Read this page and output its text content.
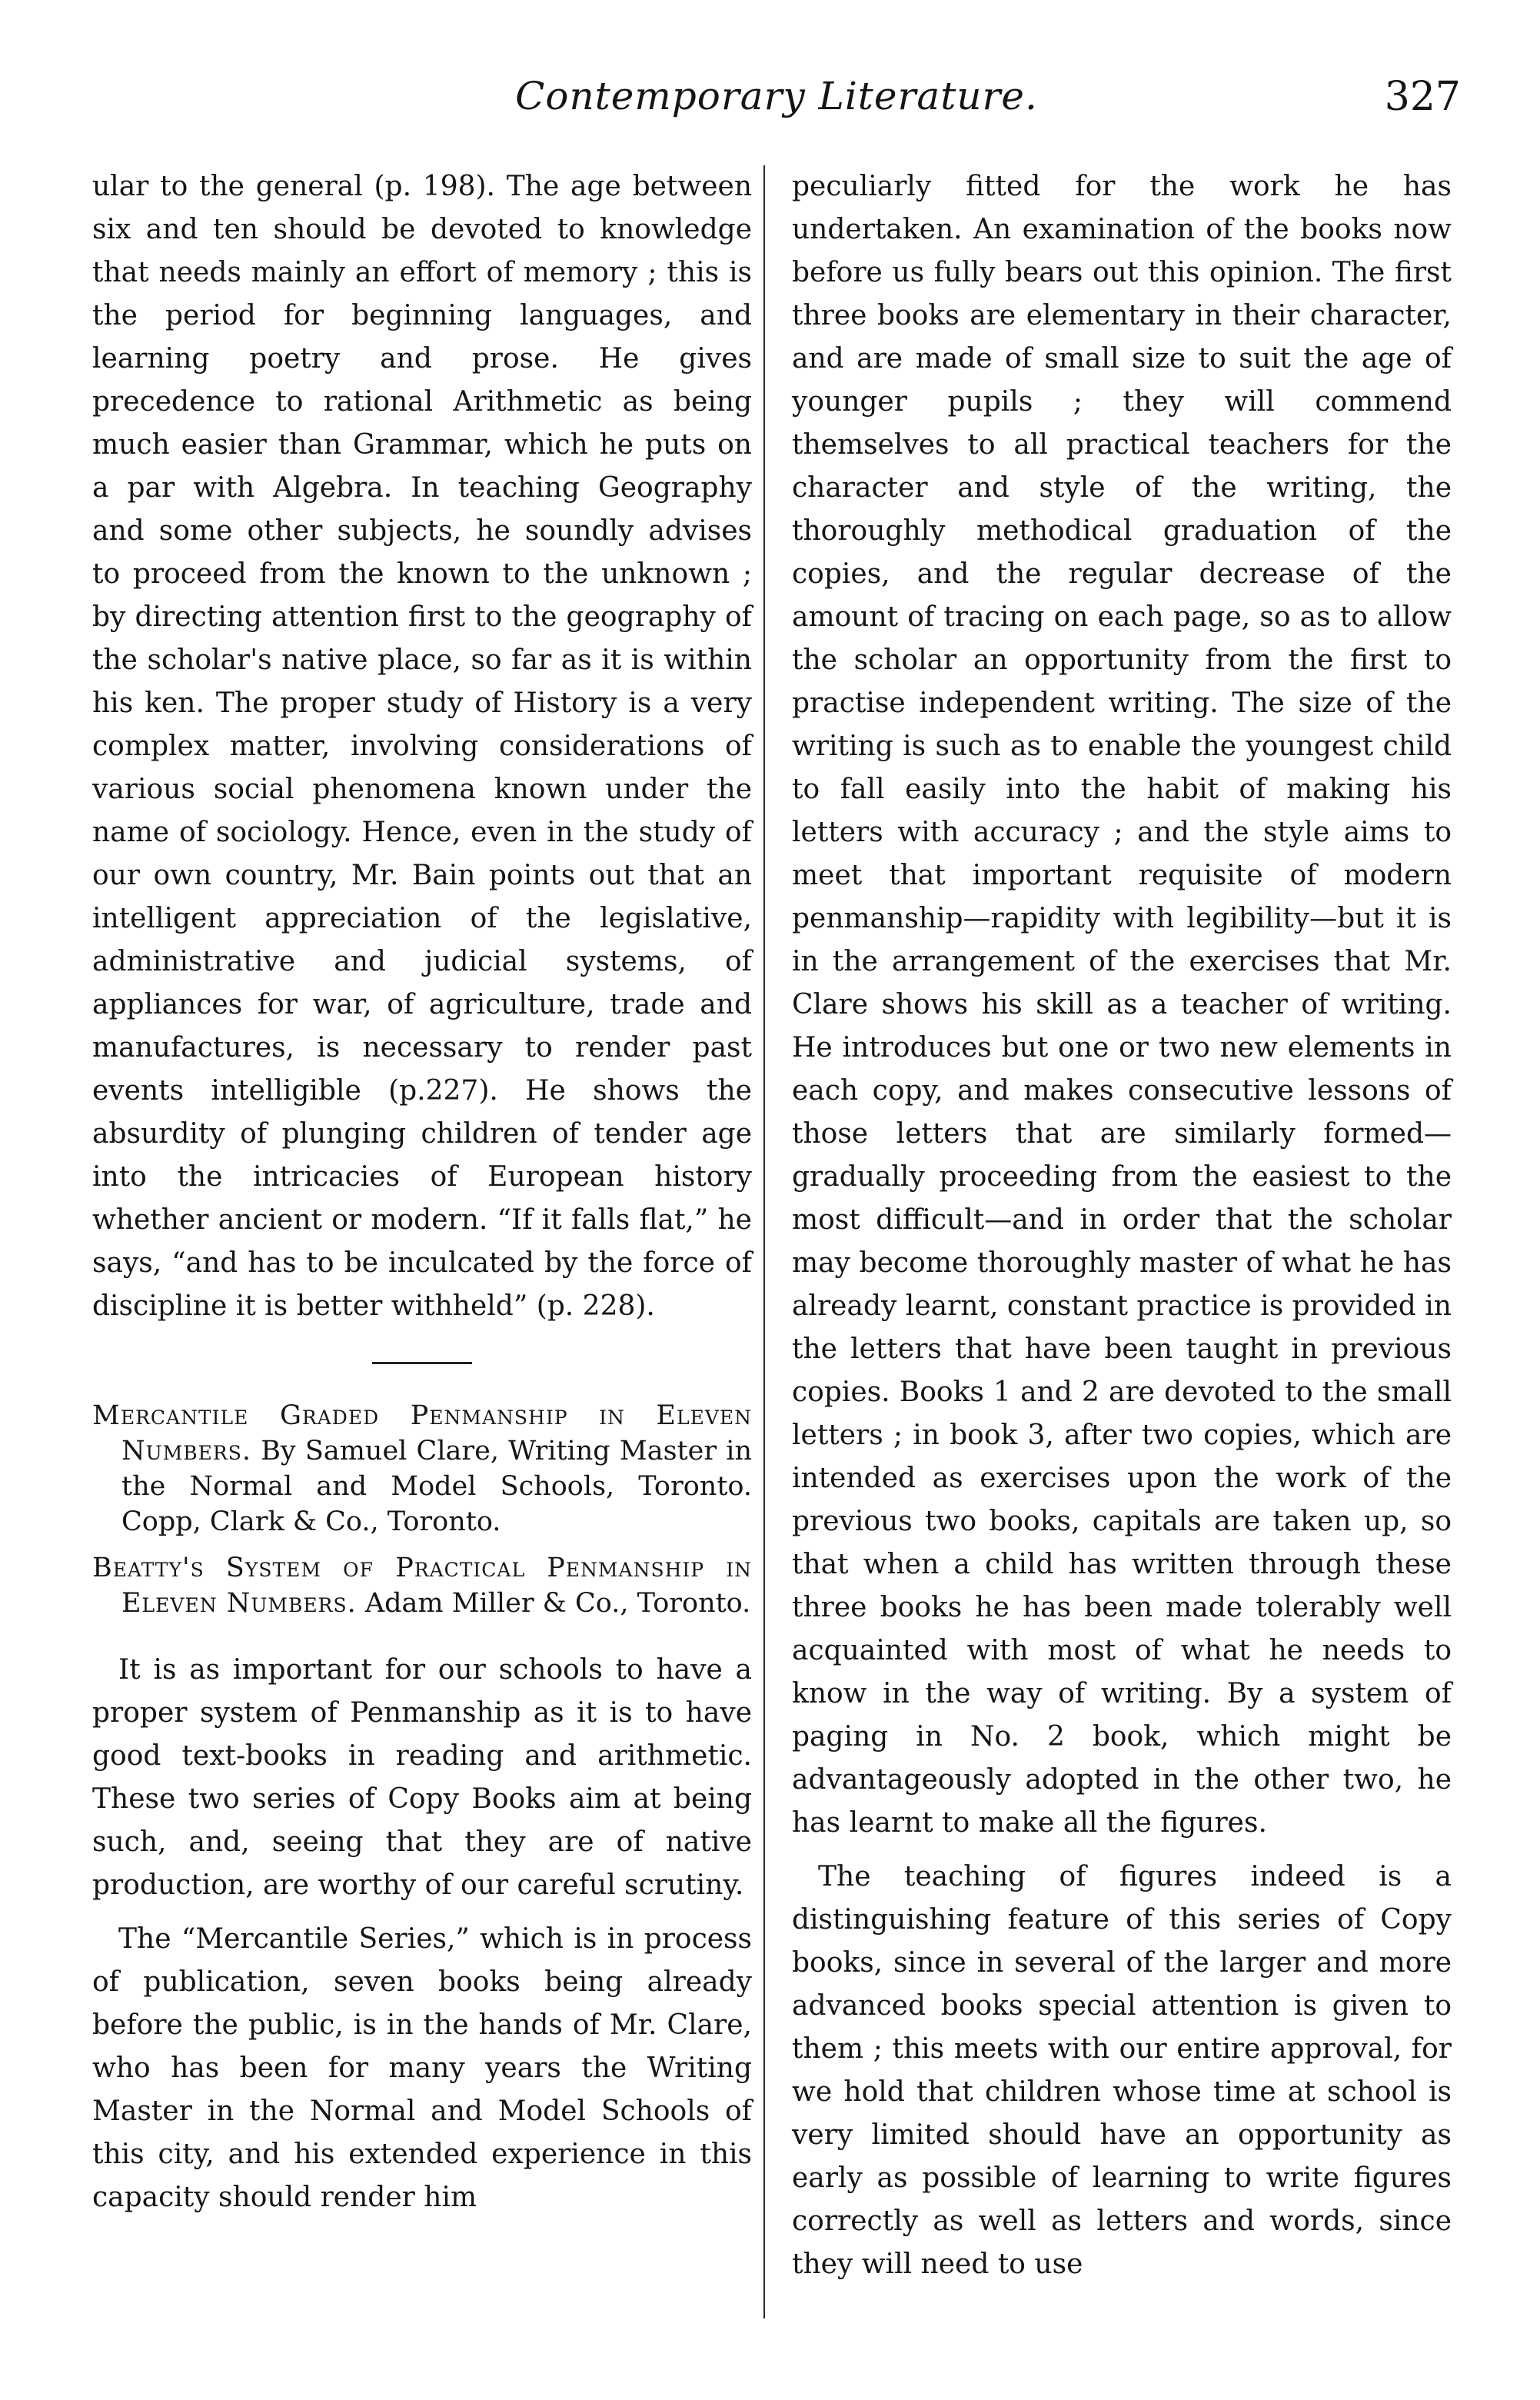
Contemporary Literature.	327

ular to the general (p. 198). The age between six and ten should be devoted to knowledge that needs mainly an effort of memory ; this is the period for beginning languages, and learning poetry and prose. He gives precedence to rational Arithmetic as being much easier than Grammar, which he puts on a par with Algebra. In teaching Geography and some other subjects, he soundly advises to proceed from the known to the unknown ; by directing attention first to the geography of the scholar's native place, so far as it is within his ken. The proper study of History is a very complex matter, involving considerations of various social phenomena known under the name of sociology. Hence, even in the study of our own country, Mr. Bain points out that an intelligent appreciation of the legislative, administrative and judicial systems, of appliances for war, of agriculture, trade and manufactures, is necessary to render past events intelligible (p.227). He shows the absurdity of plunging children of tender age into the intricacies of European history whether ancient or modern. “If it falls flat,” he says, “and has to be inculcated by the force of discipline it is better withheld” (p. 228).

Mercantile Graded Penmanship in Eleven Numbers. By Samuel Clare, Writing Master in the Normal and Model Schools, Toronto. Copp, Clark & Co., Toronto.

Beatty's System of Practical Penmanship in Eleven Numbers. Adam Miller & Co., Toronto.

It is as important for our schools to have a proper system of Penmanship as it is to have good text-books in reading and arithmetic. These two series of Copy Books aim at being such, and, seeing that they are of native production, are worthy of our careful scrutiny.

The “Mercantile Series,” which is in process of publication, seven books being already before the public, is in the hands of Mr. Clare, who has been for many years the Writing Master in the Normal and Model Schools of this city, and his extended experience in this capacity should render him

peculiarly fitted for the work he has undertaken. An examination of the books now before us fully bears out this opinion. The first three books are elementary in their character, and are made of small size to suit the age of younger pupils ; they will commend themselves to all practical teachers for the character and style of the writing, the thoroughly methodical graduation of the copies, and the regular decrease of the amount of tracing on each page, so as to allow the scholar an opportunity from the first to practise independent writing. The size of the writing is such as to enable the youngest child to fall easily into the habit of making his letters with accuracy ; and the style aims to meet that important requisite of modern penmanship—rapidity with legibility—but it is in the arrangement of the exercises that Mr. Clare shows his skill as a teacher of writing. He introduces but one or two new elements in each copy, and makes consecutive lessons of those letters that are similarly formed—gradually proceeding from the easiest to the most difficult—and in order that the scholar may become thoroughly master of what he has already learnt, constant practice is provided in the letters that have been taught in previous copies. Books 1 and 2 are devoted to the small letters ; in book 3, after two copies, which are intended as exercises upon the work of the previous two books, capitals are taken up, so that when a child has written through these three books he has been made tolerably well acquainted with most of what he needs to know in the way of writing. By a system of paging in No. 2 book, which might be advantageously adopted in the other two, he has learnt to make all the figures.

The teaching of figures indeed is a distinguishing feature of this series of Copy books, since in several of the larger and more advanced books special attention is given to them ; this meets with our entire approval, for we hold that children whose time at school is very limited should have an opportunity as early as possible of learning to write figures correctly as well as letters and words, since they will need to use
